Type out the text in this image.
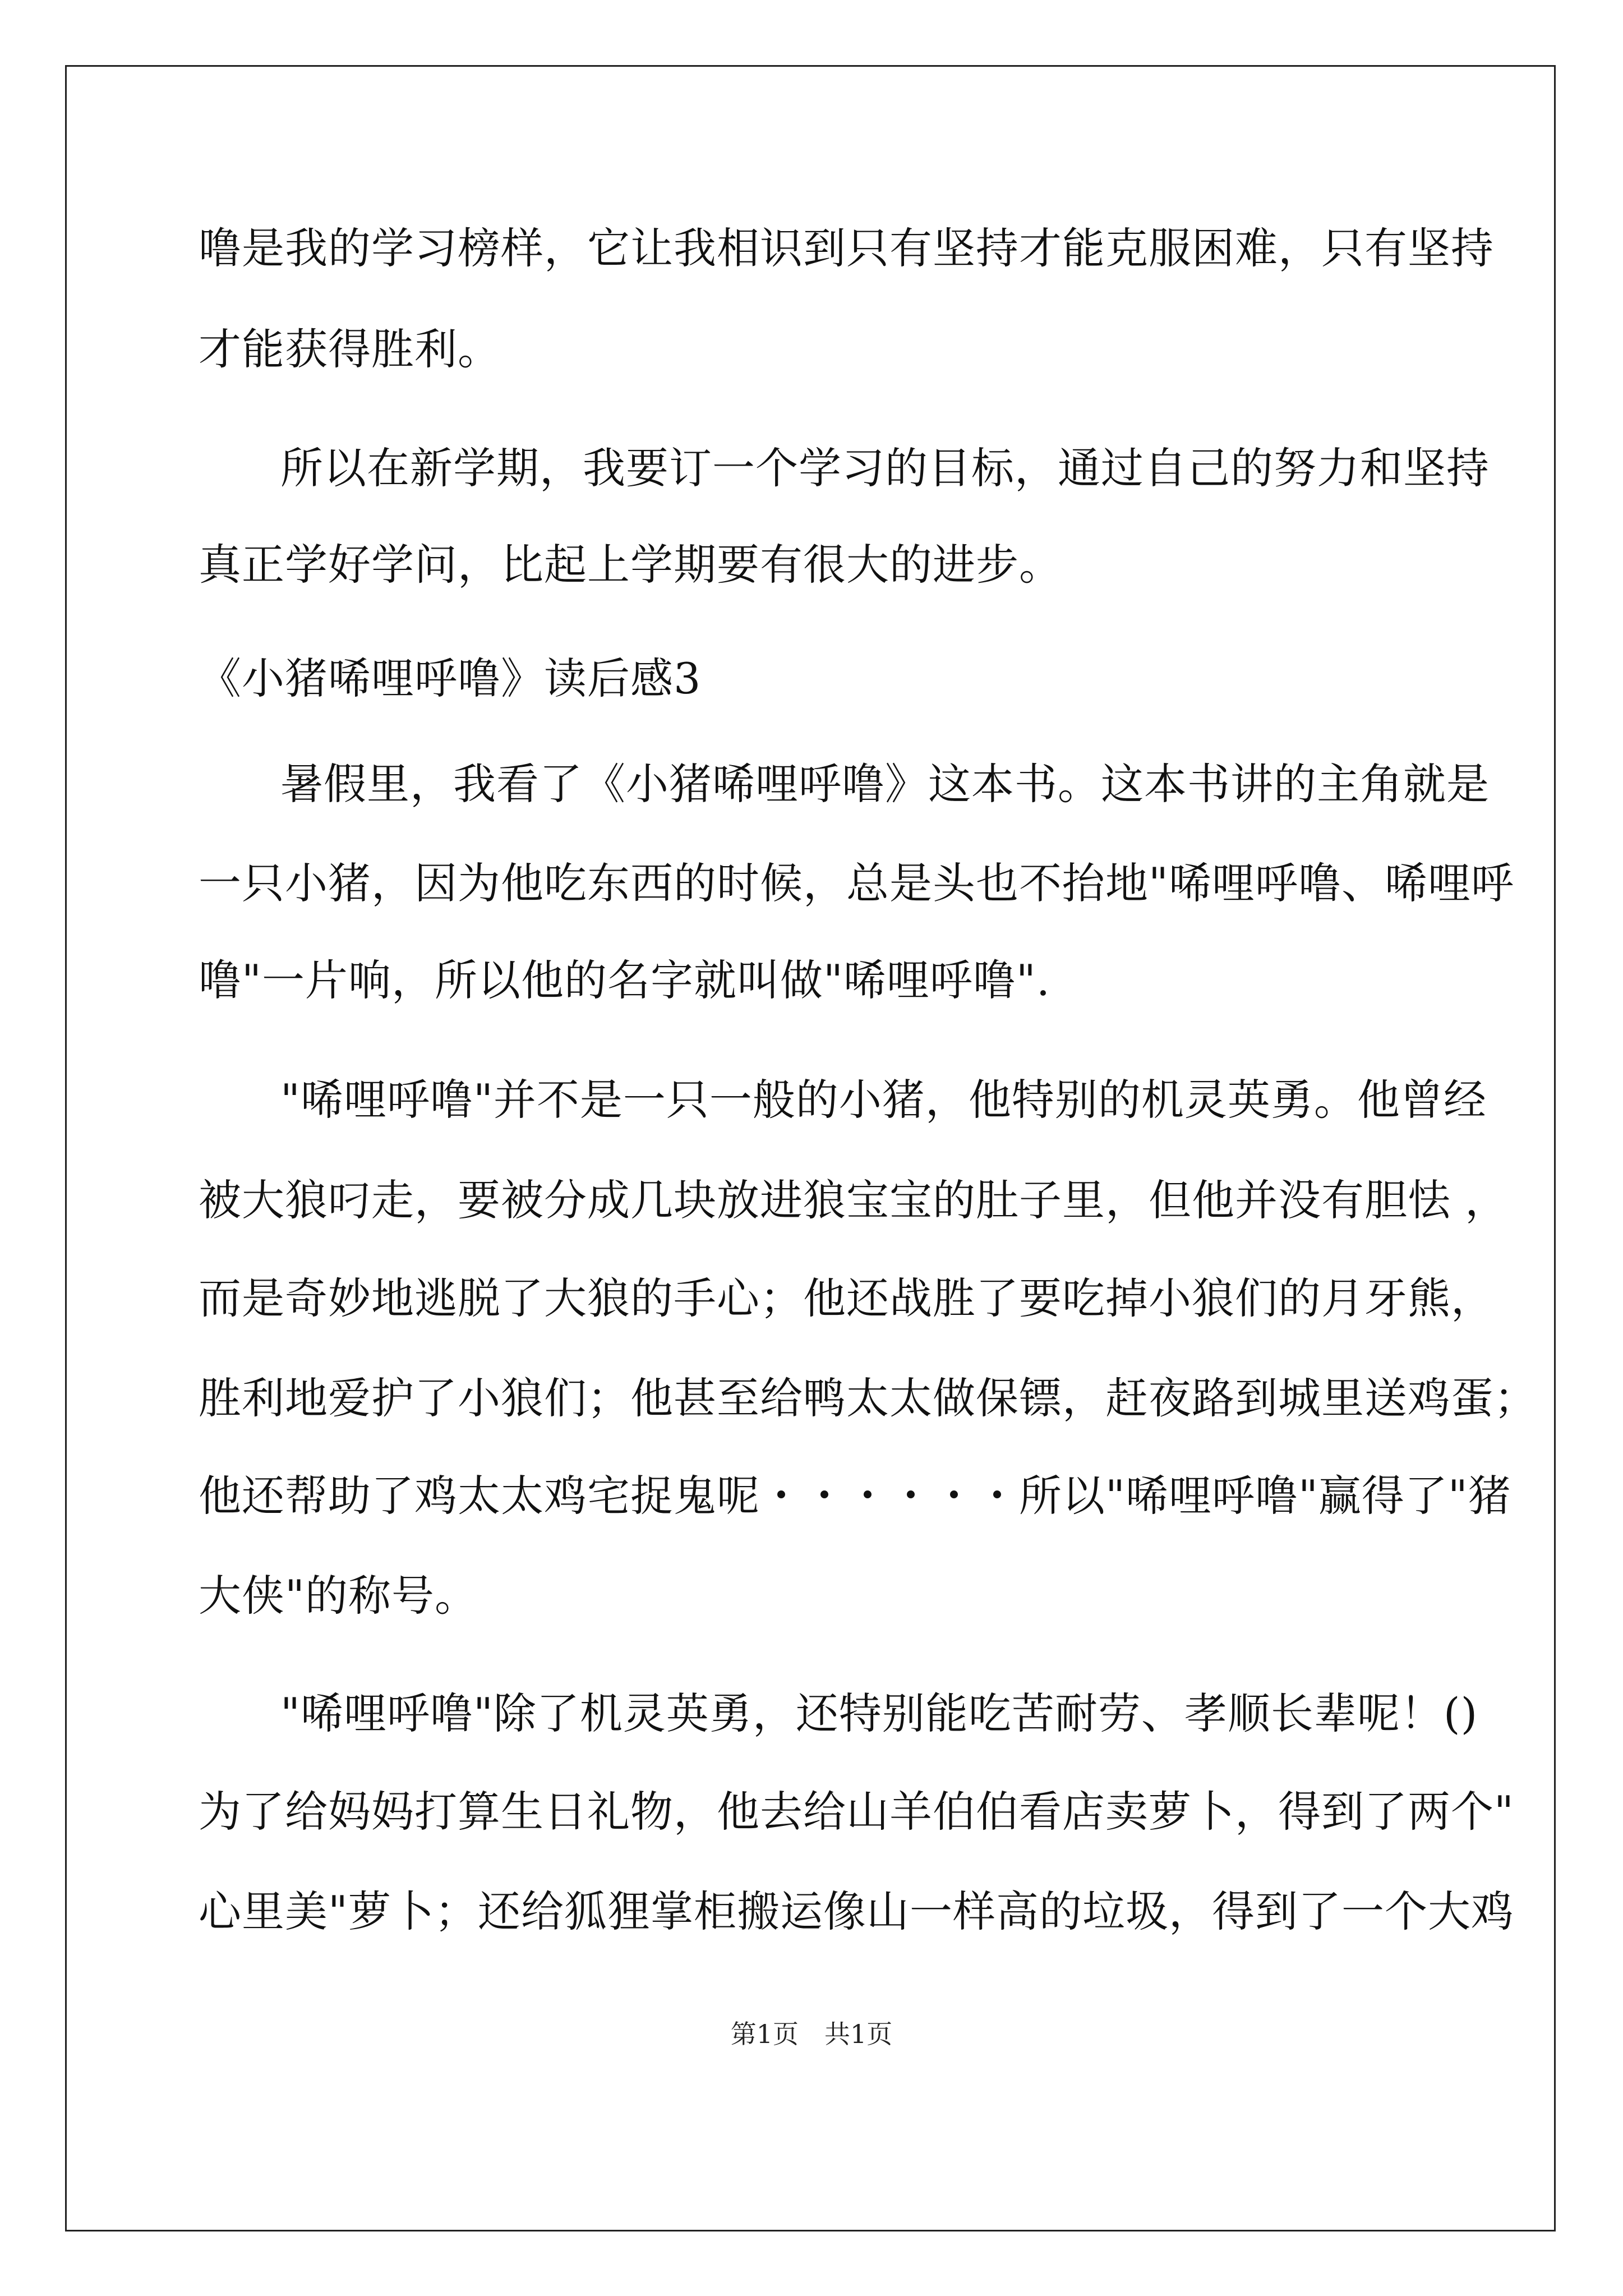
噜是我的学习榜样，它让我相识到只有坚持才能克服困难，只有坚持

才能获得胜利。

所以在新学期，我要订一个学习的目标，通过自己的努力和坚持

真正学好学问，比起上学期要有很大的进步。

《小猪唏哩呼噜》读后感3

暑假里，我看了《小猪唏哩呼噜》这本书。这本书讲的主角就是

一只小猪，因为他吃东西的时候，总是头也不抬地"唏哩呼噜、唏哩呼

噜"一片响，所以他的名字就叫做"唏哩呼噜".

"唏哩呼噜"并不是一只一般的小猪，他特别的机灵英勇。他曾经

被大狼叼走，要被分成几块放进狼宝宝的肚子里，但他并没有胆怯 ，

而是奇妙地逃脱了大狼的手心；他还战胜了要吃掉小狼们的月牙熊，

胜利地爱护了小狼们；他甚至给鸭太太做保镖，赶夜路到城里送鸡蛋；

他还帮助了鸡太太鸡宅捉鬼呢・・・・・・所以"唏哩呼噜"赢得了"猪

大侠"的称号。

"唏哩呼噜"除了机灵英勇，还特别能吃苦耐劳、孝顺长辈呢！()

为了给妈妈打算生日礼物，他去给山羊伯伯看店卖萝卜，得到了两个"

心里美"萝卜；还给狐狸掌柜搬运像山一样高的垃圾，得到了一个大鸡

第1页　共1页
